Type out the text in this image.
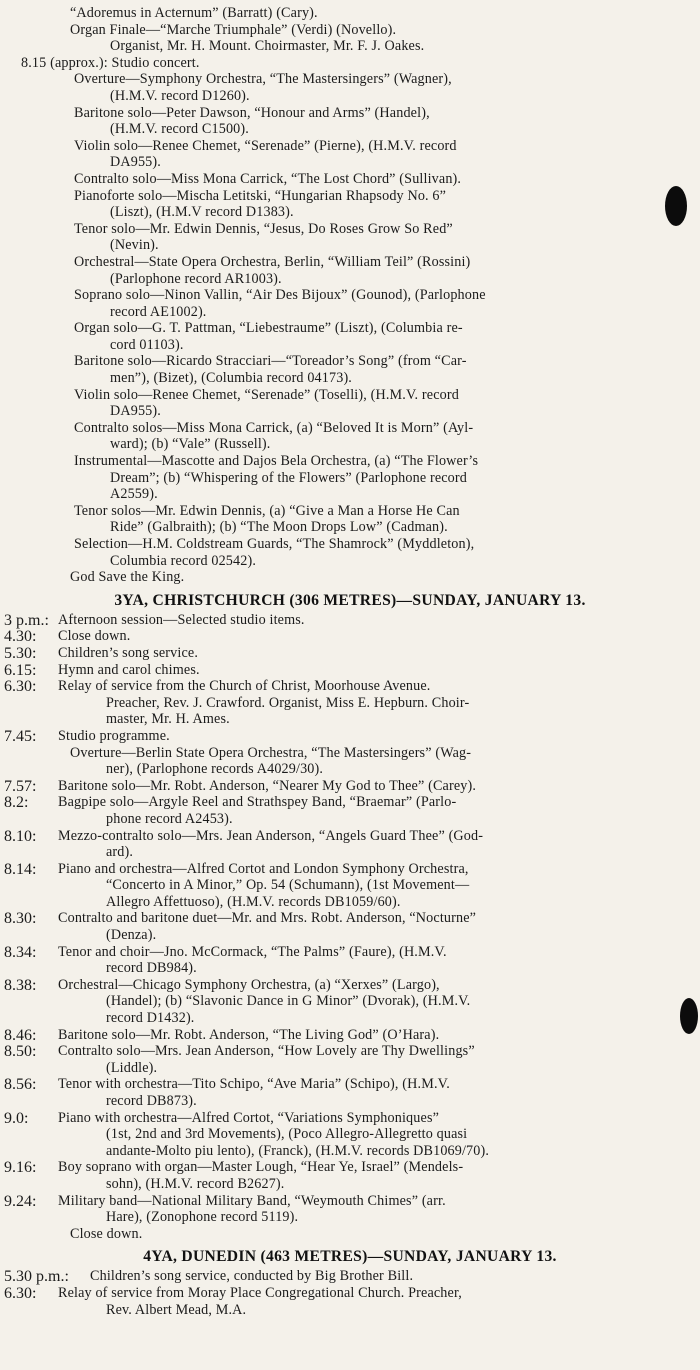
“Adoremus in Acternum” (Barratt) (Cary).
Organ Finale—“Marche Triumphale” (Verdi) (Novello).
Organist, Mr. H. Mount. Choirmaster, Mr. F. J. Oakes.
8.15 (approx.): Studio concert.
Overture—Symphony Orchestra, “The Mastersingers” (Wagner),
(H.M.V. record D1260).
Baritone solo—Peter Dawson, “Honour and Arms” (Handel),
(H.M.V. record C1500).
Violin solo—Renee Chemet, “Serenade” (Pierne), (H.M.V. record
DA955).
Contralto solo—Miss Mona Carrick, “The Lost Chord” (Sullivan).
Pianoforte solo—Mischa Letitski, “Hungarian Rhapsody No. 6”
(Liszt), (H.M.V record D1383).
Tenor solo—Mr. Edwin Dennis, “Jesus, Do Roses Grow So Red”
(Nevin).
Orchestral—State Opera Orchestra, Berlin, “William Teil” (Rossini)
(Parlophone record AR1003).
Soprano solo—Ninon Vallin, “Air Des Bijoux” (Gounod), (Parlophone
record AE1002).
Organ solo—G. T. Pattman, “Liebestraume” (Liszt), (Columbia re-
cord 01103).
Baritone solo—Ricardo Stracciari—“Toreador’s Song” (from “Car-
men”), (Bizet), (Columbia record 04173).
Violin solo—Renee Chemet, “Serenade” (Toselli), (H.M.V. record
DA955).
Contralto solos—Miss Mona Carrick, (a) “Beloved It is Morn” (Ayl-
ward); (b) “Vale” (Russell).
Instrumental—Mascotte and Dajos Bela Orchestra, (a) “The Flower’s
Dream”; (b) “Whispering of the Flowers” (Parlophone record
A2559).
Tenor solos—Mr. Edwin Dennis, (a) “Give a Man a Horse He Can
Ride” (Galbraith); (b) “The Moon Drops Low” (Cadman).
Selection—H.M. Coldstream Guards, “The Shamrock” (Myddleton),
Columbia record 02542).
God Save the King.
3YA, CHRISTCHURCH (306 METRES)—SUNDAY, JANUARY 13.
3 p.m.: Afternoon session—Selected studio items.
4.30:	Close down.
5.30:	Children’s song service.
6.15:	Hymn and carol chimes.
6.30:	Relay of service from the Church of Christ, Moorhouse Avenue.
Preacher, Rev. J. Crawford. Organist, Miss E. Hepburn. Choir-
master, Mr. H. Ames.
7.45:	Studio programme.
Overture—Berlin State Opera Orchestra, “The Mastersingers” (Wag-
ner), (Parlophone records A4029/30).
7.57:	Baritone solo—Mr. Robt. Anderson, “Nearer My God to Thee” (Carey).
8.2:	Bagpipe solo—Argyle Reel and Strathspey Band, “Braemar” (Parlo-
phone record A2453).
8.10:	Mezzo-contralto solo—Mrs. Jean Anderson, “Angels Guard Thee” (God-
ard).
8.14:	Piano and orchestra—Alfred Cortot and London Symphony Orchestra,
“Concerto in A Minor,” Op. 54 (Schumann), (1st Movement—
Allegro Affettuoso), (H.M.V. records DB1059/60).
8.30:	Contralto and baritone duet—Mr. and Mrs. Robt. Anderson, “Nocturne”
(Denza).
8.34:	Tenor and choir—Jno. McCormack, “The Palms” (Faure), (H.M.V.
record DB984).
8.38:	Orchestral—Chicago Symphony Orchestra, (a) “Xerxes” (Largo),
(Handel); (b) “Slavonic Dance in G Minor” (Dvorak), (H.M.V.
record D1432).
8.46:	Baritone solo—Mr. Robt. Anderson, “The Living God” (O’Hara).
8.50:	Contralto solo—Mrs. Jean Anderson, “How Lovely are Thy Dwellings”
(Liddle).
8.56:	Tenor with orchestra—Tito Schipo, “Ave Maria” (Schipo), (H.M.V.
record DB873).
9.0:	Piano with orchestra—Alfred Cortot, “Variations Symphoniques”
(1st, 2nd and 3rd Movements), (Poco Allegro-Allegretto quasi
andante-Molto piu lento), (Franck), (H.M.V. records DB1069/70).
9.16:	Boy soprano with organ—Master Lough, “Hear Ye, Israel” (Mendels-
sohn), (H.M.V. record B2627).
9.24:	Military band—National Military Band, “Weymouth Chimes” (arr.
Hare), (Zonophone record 5119).
Close down.
4YA, DUNEDIN (463 METRES)—SUNDAY, JANUARY 13.
5.30 p.m.:	Children’s song service, conducted by Big Brother Bill.
6.30:	Relay of service from Moray Place Congregational Church. Preacher,
Rev. Albert Mead, M.A.
